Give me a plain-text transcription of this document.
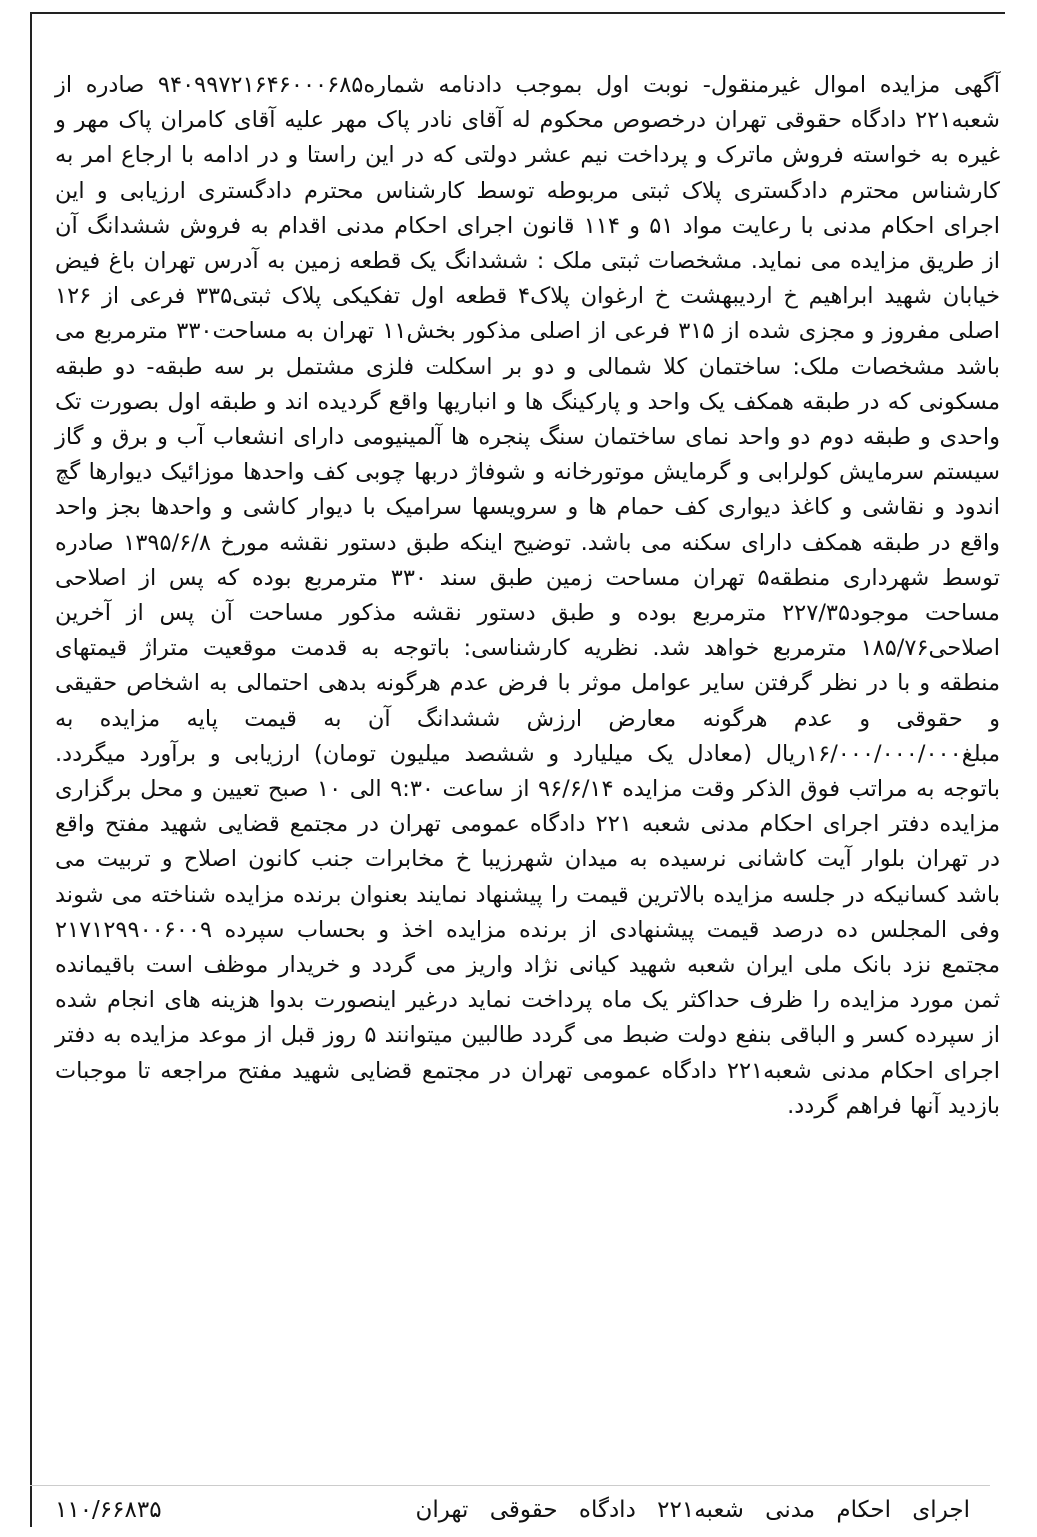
آگهی مزایده اموال غیرمنقول- نوبت اول بموجب دادنامه شماره۹۴۰۹۹۷۲۱۶۴۶۰۰۰۶۸۵ صادره از شعبه۲۲۱ دادگاه حقوقی تهران درخصوص محکوم له آقای نادر پاک مهر علیه آقای کامران پاک مهر و غیره به خواسته فروش ماترک و پرداخت نیم عشر دولتی که در این راستا و در ادامه با ارجاع امر به کارشناس محترم دادگستری پلاک ثبتی مربوطه توسط کارشناس محترم دادگستری ارزیابی و این اجرای احکام مدنی با رعایت مواد ۵۱ و ۱۱۴ قانون اجرای احکام مدنی اقدام به فروش ششدانگ آن از طریق مزایده می نماید. مشخصات ثبتی ملک : ششدانگ یک قطعه زمین به آدرس تهران باغ فیض خیابان شهید ابراهیم خ اردیبهشت خ ارغوان پلاک۴ قطعه اول تفکیکی پلاک ثبتی۳۳۵ فرعی از ۱۲۶ اصلی مفروز و مجزی شده از ۳۱۵ فرعی از اصلی مذکور بخش۱۱ تهران به مساحت۳۳۰ مترمربع می باشد مشخصات ملک: ساختمان کلا شمالی و دو بر اسکلت فلزی مشتمل بر سه طبقه- دو طبقه مسکونی که در طبقه همکف یک واحد و پارکینگ ها و انباریها واقع گردیده اند و طبقه اول بصورت تک واحدی و طبقه دوم دو واحد نمای ساختمان سنگ پنجره ها آلمینیومی دارای انشعاب آب و برق و گاز سیستم سرمایش کولرابی و گرمایش موتورخانه و شوفاژ دربها چوبی کف واحدها موزائیک دیوارها گچ اندود و نقاشی و کاغذ دیواری کف حمام ها و سرویسها سرامیک با دیوار کاشی و واحدها بجز واحد واقع در طبقه همکف دارای سکنه می باشد. توضیح اینکه طبق دستور نقشه مورخ ۱۳۹۵/۶/۸ صادره توسط شهرداری منطقه۵ تهران مساحت زمین طبق سند ۳۳۰ مترمربع بوده که پس از اصلاحی مساحت موجود۲۲۷/۳۵ مترمربع بوده و طبق دستور نقشه مذکور مساحت آن پس از آخرین اصلاحی۱۸۵/۷۶ مترمربع خواهد شد. نظریه کارشناسی: باتوجه به قدمت موقعیت متراژ قیمتهای منطقه و با در نظر گرفتن سایر عوامل موثر با فرض عدم هرگونه بدهی احتمالی به اشخاص حقیقی و حقوقی و عدم هرگونه معارض ارزش ششدانگ آن به قیمت پایه مزایده به مبلغ۱۶/۰۰۰/۰۰۰/۰۰۰ریال (معادل یک میلیارد و ششصد میلیون تومان) ارزیابی و برآورد میگردد. باتوجه به مراتب فوق الذکر وقت مزایده ۹۶/۶/۱۴ از ساعت ۹:۳۰ الی ۱۰ صبح تعیین و محل برگزاری مزایده دفتر اجرای احکام مدنی شعبه ۲۲۱ دادگاه عمومی تهران در مجتمع قضایی شهید مفتح واقع در تهران بلوار آیت کاشانی نرسیده به میدان شهرزیبا خ مخابرات جنب کانون اصلاح و تربیت می باشد کسانیکه در جلسه مزایده بالاترین قیمت را پیشنهاد نمایند بعنوان برنده مزایده شناخته می شوند وفی المجلس ده درصد قیمت پیشنهادی از برنده مزایده اخذ و بحساب سپرده ۲۱۷۱۲۹۹۰۰۶۰۰۹ مجتمع نزد بانک ملی ایران شعبه شهید کیانی نژاد واریز می گردد و خریدار موظف است باقیمانده ثمن مورد مزایده را ظرف حداکثر یک ماه پرداخت نماید درغیر اینصورت بدوا هزینه های انجام شده از سپرده کسر و الباقی بنفع دولت ضبط می گردد طالبین میتوانند ۵ روز قبل از موعد مزایده به دفتر اجرای احکام مدنی شعبه۲۲۱ دادگاه عمومی تهران در مجتمع قضایی شهید مفتح مراجعه تا موجبات بازدید آنها فراهم گردد.
اجرای احکام مدنی شعبه۲۲۱ دادگاه حقوقی تهران
۱۱۰/۶۶۸۳۵
